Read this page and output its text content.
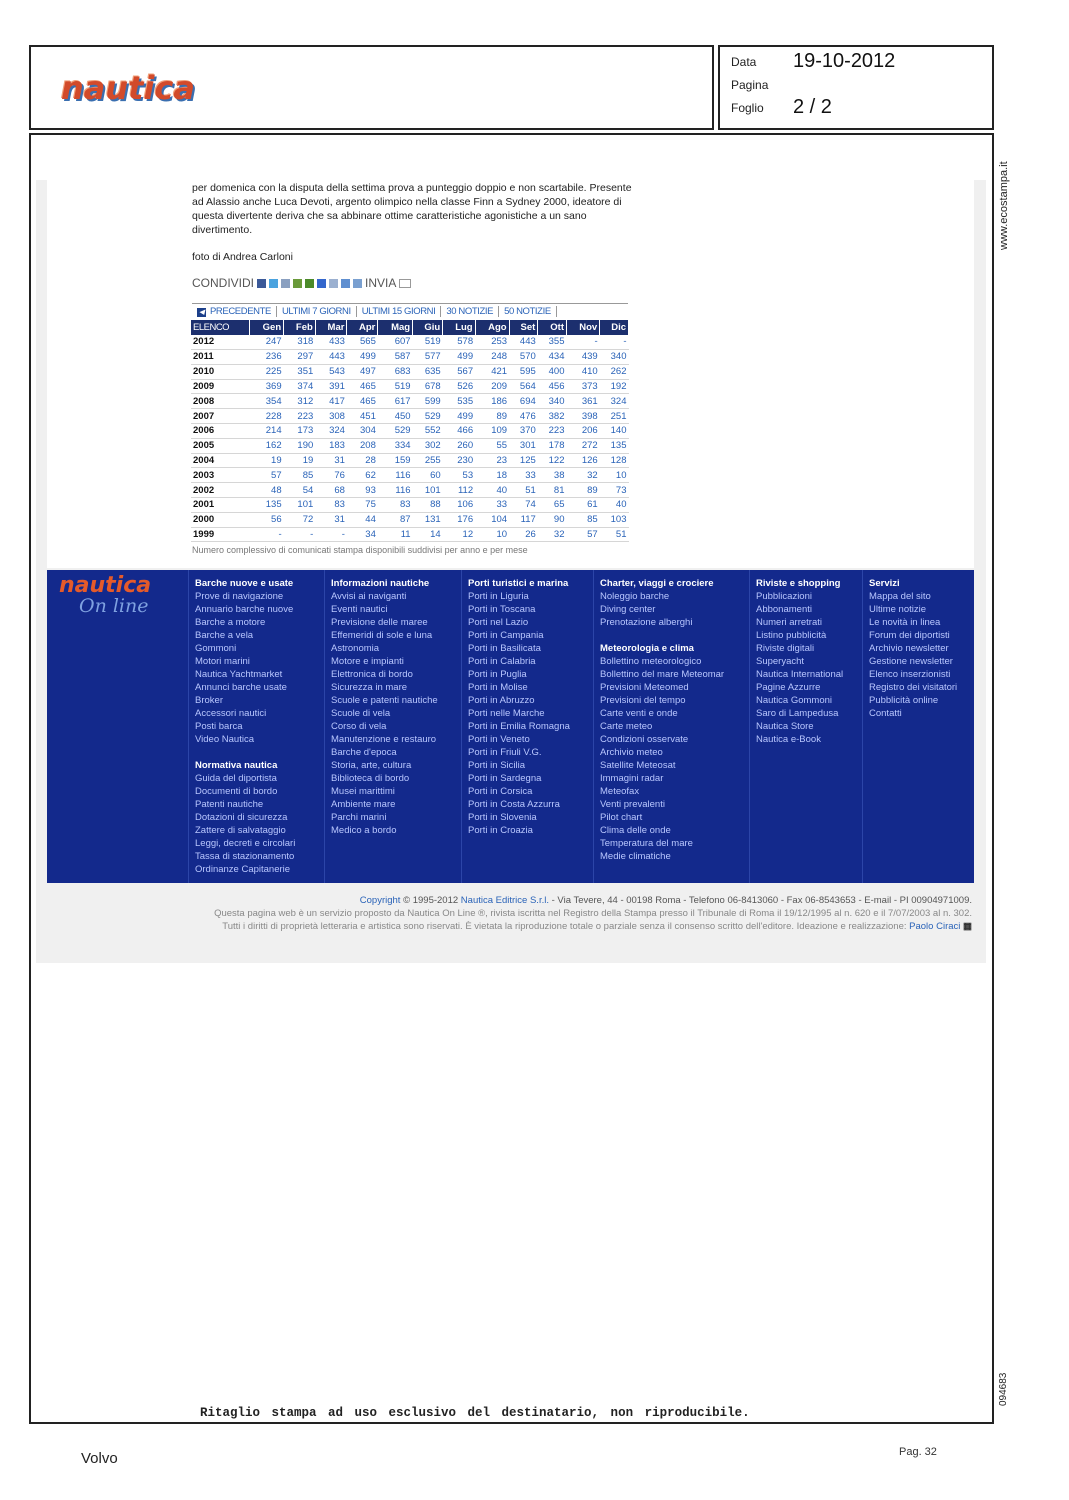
nautica
Data 19-10-2012
Pagina
Foglio 2 / 2
per domenica con la disputa della settima prova a punteggio doppio e non scartabile. Presente ad Alassio anche Luca Devoti, argento olimpico nella classe Finn a Sydney 2000, ideatore di questa divertente deriva che sa abbinare ottime caratteristiche agonistiche a un sano divertimento.
foto di Andrea Carloni
CONDIVIDI	INVIA
◀ PRECEDENTE	ULTIMI 7 GIORNI	ULTIMI 15 GIORNI	30 NOTIZIE	50 NOTIZIE
ELENCO	Gen	Feb	Mar	Apr	Mag	Giu	Lug	Ago	Set	Ott	Nov	Dic
2012	247	318	433	565	607	519	578	253	443	355	-	-
2011	236	297	443	499	587	577	499	248	570	434	439	340
2010	225	351	543	497	683	635	567	421	595	400	410	262
2009	369	374	391	465	519	678	526	209	564	456	373	192
2008	354	312	417	465	617	599	535	186	694	340	361	324
2007	228	223	308	451	450	529	499	89	476	382	398	251
2006	214	173	324	304	529	552	466	109	370	223	206	140
2005	162	190	183	208	334	302	260	55	301	178	272	135
2004	19	19	31	28	159	255	230	23	125	122	126	128
2003	57	85	76	62	116	60	53	18	33	38	32	10
2002	48	54	68	93	116	101	112	40	51	81	89	73
2001	135	101	83	75	83	88	106	33	74	65	61	40
2000	56	72	31	44	87	131	176	104	117	90	85	103
1999	-	-	-	34	11	14	12	10	26	32	57	51
Numero complessivo di comunicati stampa disponibili suddivisi per anno e per mese
nautica
On line
Barche nuove e usate
Prove di navigazione
Annuario barche nuove
Barche a motore
Barche a vela
Gommoni
Motori marini
Nautica Yachtmarket
Annunci barche usate
Broker
Accessori nautici
Posti barca
Video Nautica
Normativa nautica
Guida del diportista
Documenti di bordo
Patenti nautiche
Dotazioni di sicurezza
Zattere di salvataggio
Leggi, decreti e circolari
Tassa di stazionamento
Ordinanze Capitanerie
Informazioni nautiche
Avvisi ai naviganti
Eventi nautici
Previsione delle maree
Effemeridi di sole e luna
Astronomia
Motore e impianti
Elettronica di bordo
Sicurezza in mare
Scuole e patenti nautiche
Scuole di vela
Corso di vela
Manutenzione e restauro
Barche d'epoca
Storia, arte, cultura
Biblioteca di bordo
Musei marittimi
Ambiente mare
Parchi marini
Medico a bordo
Porti turistici e marina
Porti in Liguria
Porti in Toscana
Porti nel Lazio
Porti in Campania
Porti in Basilicata
Porti in Calabria
Porti in Puglia
Porti in Molise
Porti in Abruzzo
Porti nelle Marche
Porti in Emilia Romagna
Porti in Veneto
Porti in Friuli V.G.
Porti in Sicilia
Porti in Sardegna
Porti in Corsica
Porti in Costa Azzurra
Porti in Slovenia
Porti in Croazia
Charter, viaggi e crociere
Noleggio barche
Diving center
Prenotazione alberghi
Meteorologia e clima
Bollettino meteorologico
Bollettino del mare Meteomar
Previsioni Meteomed
Previsioni del tempo
Carte venti e onde
Carte meteo
Condizioni osservate
Archivio meteo
Satellite Meteosat
Immagini radar
Meteofax
Venti prevalenti
Pilot chart
Clima delle onde
Temperatura del mare
Medie climatiche
Riviste e shopping
Pubblicazioni
Abbonamenti
Numeri arretrati
Listino pubblicità
Riviste digitali
Superyacht
Nautica International
Pagine Azzurre
Nautica Gommoni
Saro di Lampedusa
Nautica Store
Nautica e-Book
Servizi
Mappa del sito
Ultime notizie
Le novità in linea
Forum dei diportisti
Archivio newsletter
Gestione newsletter
Elenco inserzionisti
Registro dei visitatori
Pubblicità online
Contatti
Copyright © 1995-2012 Nautica Editrice S.r.l. - Via Tevere, 44 - 00198 Roma - Telefono 06-8413060 - Fax 06-8543653 - E-mail - PI 00904971009.
Questa pagina web è un servizio proposto da Nautica On Line ®, rivista iscritta nel Registro della Stampa presso il Tribunale di Roma il 19/12/1995 al n. 620 e il 7/07/2003 al n. 302.
Tutti i diritti di proprietà letteraria e artistica sono riservati. È vietata la riproduzione totale o parziale senza il consenso scritto dell'editore. Ideazione e realizzazione: Paolo Ciraci ▦
www.ecostampa.it
094683
Ritaglio stampa ad uso esclusivo del destinatario, non riproducibile.
Volvo	Pag. 32
